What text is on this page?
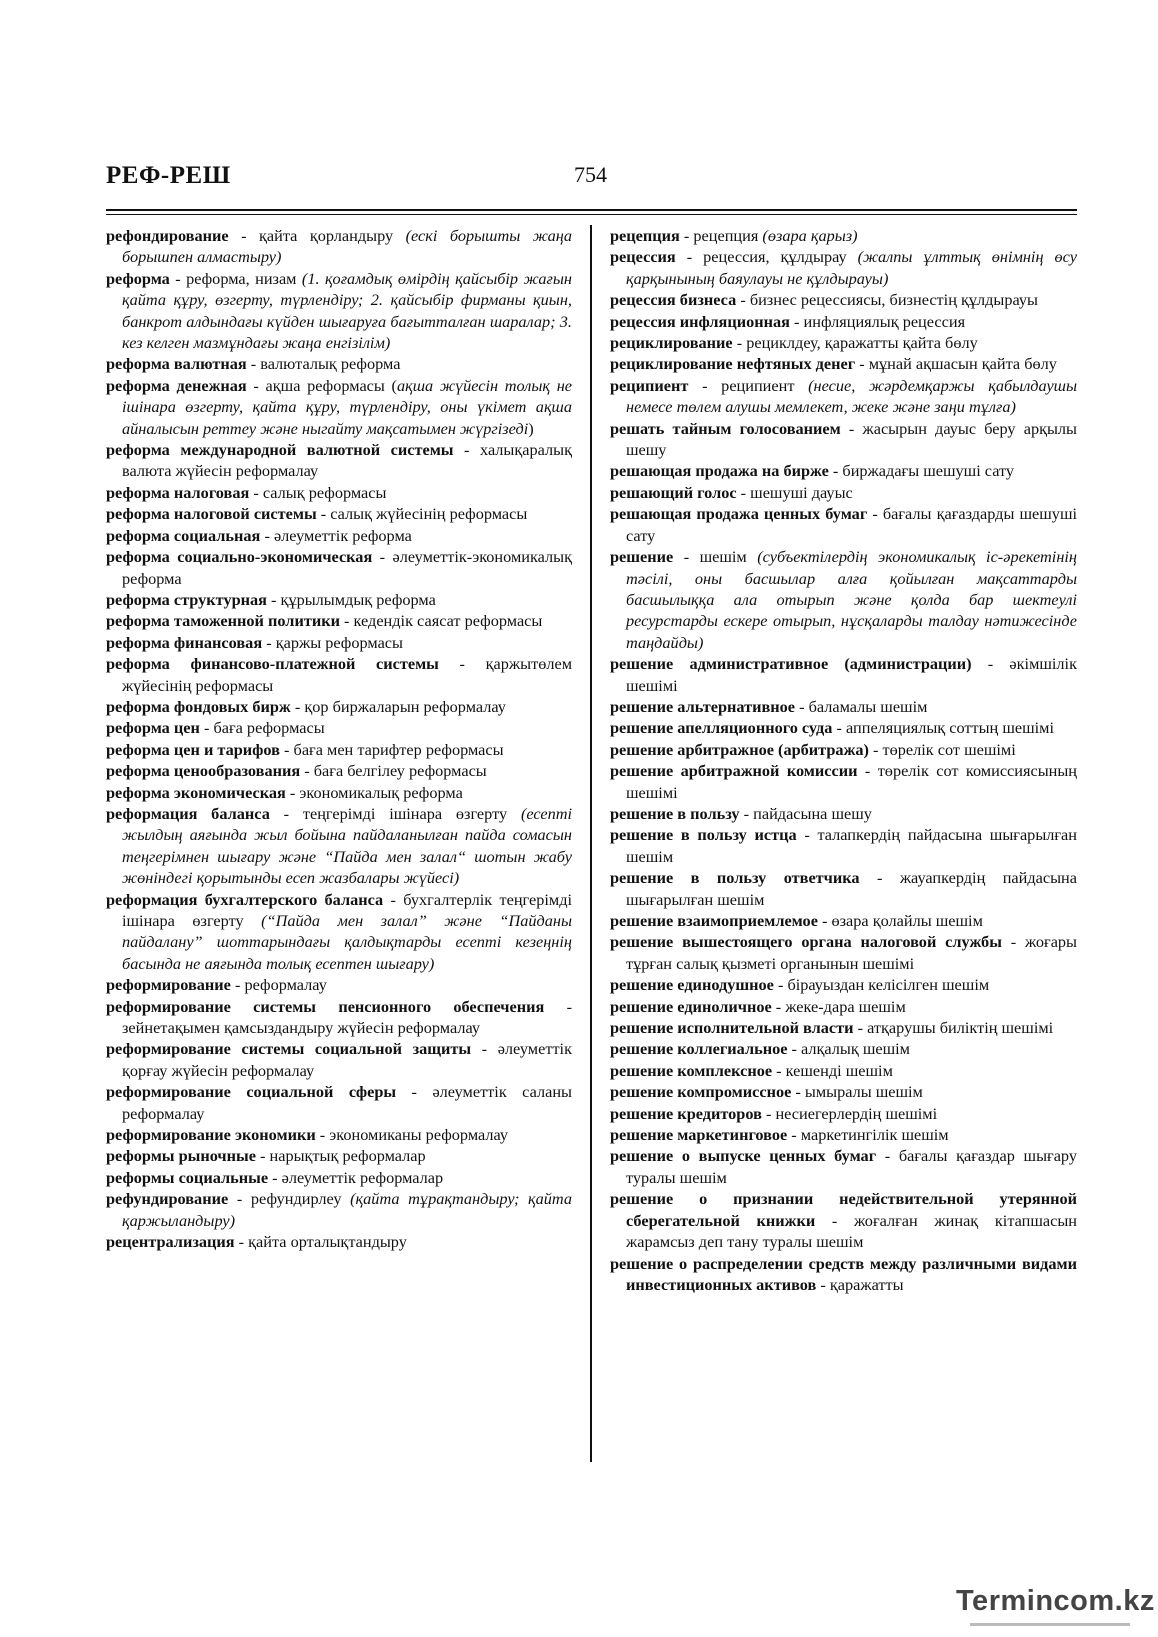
РЕФ-РЕШ	754

рефондирование - қайта қорландыру (ескі борышты жаңа борышпен алмастыру)

реформа - реформа, низам (1. қоғамдық өмірдің қайсыбір жағын қайта құру, өзгерту, түрлендіру; 2. қайсыбір фирманы қиын, банкрот алдындағы күйден шығаруға бағытталған шаралар; 3. кез келген мазмұндағы жаңа енгізілім)

реформа валютная - валюталық реформа

реформа денежная - ақша реформасы (ақша жүйесін толық не ішінара өзгерту, қайта құру, түрлендіру, оны үкімет ақша айналысын реттеу және ныгайту мақсатымен жүргізеді)

реформа международной валютной системы - халықаралық валюта жүйесін реформалау

реформа налоговая - салық реформасы

реформа налоговой системы - салық жүйесінің реформасы

реформа социальная - әлеуметтік реформа

реформа социально-экономическая - әлеуметтік-экономикалық реформа

реформа структурная - құрылымдық реформа

реформа таможенной политики - кедендік саясат реформасы

реформа финансовая - қаржы реформасы

реформа финансово-платежной системы - қаржытөлем жүйесінің реформасы

реформа фондовых бирж - қор биржаларын реформалау

реформа цен - баға реформасы

реформа цен и тарифов - баға мен тарифтер реформасы

реформа ценообразования - баға белгілеу реформасы

реформа экономическая - экономикалық реформа

реформация баланса - теңгерімді ішінара өзгерту (есепті жылдың аяғында жыл бойына пайдаланылған пайда сомасын теңгерімнен шығару және “Пайда мен залал“ шотын жабу жөніндегі қорытынды есеп жазбалары жүйесі)

реформация бухгалтерского баланса - бухгалтерлік теңгерімді ішінара өзгерту (“Пайда мен залал” және “Пайданы пайдалану” шоттарындағы қалдықтарды есепті кезеңнің басында не аяғында толық есептен шығару)

реформирование - реформалау

реформирование системы пенсионного обеспечения - зейнетақымен қамсыздандыру жүйесін реформалау

реформирование системы социальной защиты - әлеуметтік қорғау жүйесін реформалау

реформирование социальной сферы - әлеуметтік саланы реформалау

реформирование экономики - экономиканы реформалау

реформы рыночные - нарықтық реформалар

реформы социальные - әлеуметтік реформалар

рефундирование - рефундирлеу (қайта тұрақтандыру; қайта қаржыландыру)

рецентрализация - қайта орталықтандыру

рецепция - рецепция (өзара қарыз)

рецессия - рецессия, құлдырау (жалпы ұлттық өнімнің өсу қарқынының баяулауы не құлдырауы)

рецессия бизнеса - бизнес рецессиясы, бизнестің құлдырауы

рецессия инфляционная - инфляциялық рецессия

рециклирование - рециклдеу, қаражатты қайта бөлу

рециклирование нефтяных денег - мұнай ақшасын қайта бөлу

реципиент - реципиент (несие, жәрдемқаржы қабылдаушы немесе төлем алушы мемлекет, жеке және заңи тұлға)

решать тайным голосованием - жасырын дауыс беру арқылы шешу

решающая продажа на бирже - биржадағы шешуші сату

решающий голос - шешуші дауыс

решающая продажа ценных бумаг - бағалы қағаздарды шешуші сату

решение - шешім (субъектілердің экономикалық іс-әрекетінің тәсілі, оны басшылар алға қойылған мақсаттарды басшылыққа ала отырып және қолда бар шектеулі ресурстарды ескере отырып, нұсқаларды талдау нәтижесінде таңдайды)

решение административное (администрации) - әкімшілік шешімі

решение альтернативное - баламалы шешім

решение апелляционного суда - аппеляциялық соттың шешімі

решение арбитражное (арбитража) - төрелік сот шешімі

решение арбитражной комиссии - төрелік сот комиссиясының шешімі

решение в пользу - пайдасына шешу

решение в пользу истца - талапкердің пайдасына шығарылған шешім

решение в пользу ответчика - жауапкердің пайдасына шығарылған шешім

решение взаимоприемлемое - өзара қолайлы шешім

решение вышестоящего органа налоговой службы - жоғары тұрған салық қызметі органынын шешімі

решение единодушное - бірауыздан келісілген шешім

решение единоличное - жеке-дара шешім

решение исполнительной власти - атқарушы биліктің шешімі

решение коллегиальное - алқалық шешім

решение комплексное - кешенді шешім

решение компромиссное - ымыралы шешім

решение кредиторов - несиегерлердің шешімі

решение маркетинговое - маркетингілік шешім

решение о выпуске ценных бумаг - бағалы қағаздар шығару туралы шешім

решение о признании недействительной утерянной сберегательной книжки - жоғалған жинақ кітапшасын жарамсыз деп тану туралы шешім

решение о распределении средств между различными видами инвестиционных активов - қаражатты

Termincom.kz
